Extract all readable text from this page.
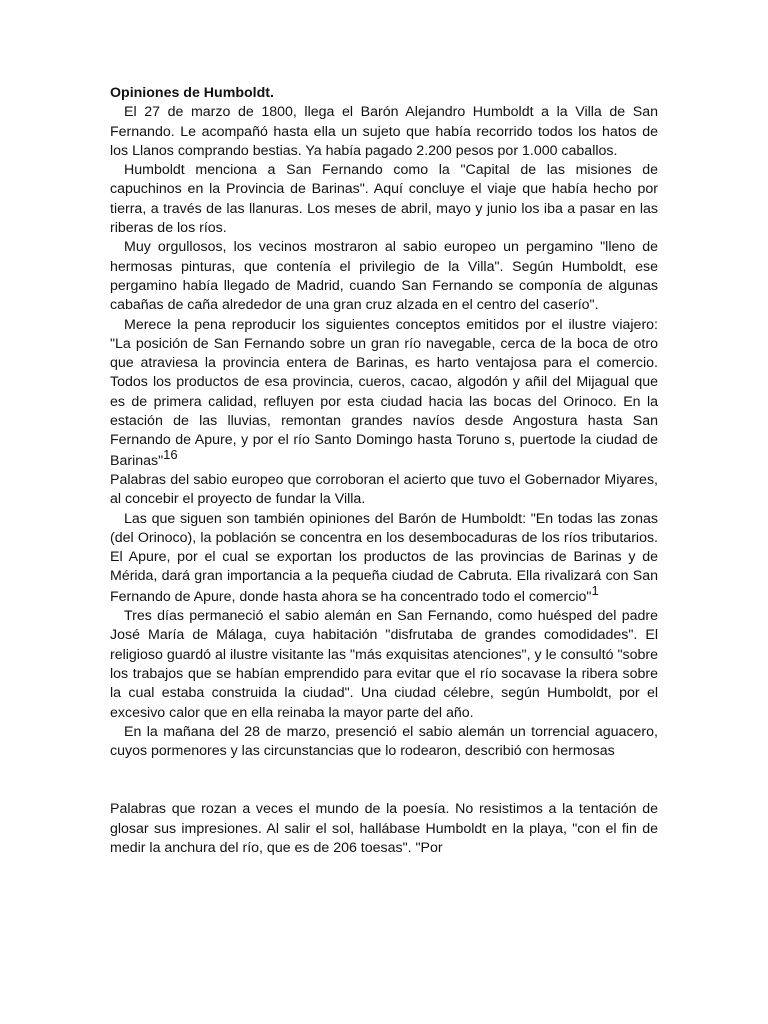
Opiniones de Humboldt.

El 27 de marzo de 1800, llega el Barón Alejandro Humboldt a la Villa de San Fernando. Le acompañó hasta ella un sujeto que había recorrido todos los hatos de los Llanos comprando bestias. Ya había pagado 2.200 pesos por 1.000 caballos.

Humboldt menciona a San Fernando como la "Capital de las misiones de capuchinos en la Provincia de Barinas". Aquí concluye el viaje que había hecho por tierra, a través de las llanuras. Los meses de abril, mayo y junio los iba a pasar en las riberas de los ríos.

Muy orgullosos, los vecinos mostraron al sabio europeo un pergamino "lleno de hermosas pinturas, que contenía el privilegio de la Villa". Según Humboldt, ese pergamino había llegado de Madrid, cuando San Fernando se componía de algunas cabañas de caña alrededor de una gran cruz alzada en el centro del caserío".

Merece la pena reproducir los siguientes conceptos emitidos por el ilustre viajero: "La posición de San Fernando sobre un gran río navegable, cerca de la boca de otro que atraviesa la provincia entera de Barinas, es harto ventajosa para el comercio. Todos los productos de esa provincia, cueros, cacao, algodón y añil del Mijagual que es de primera calidad, refluyen por esta ciudad hacia las bocas del Orinoco. En la estación de las lluvias, remontan grandes navíos desde Angostura hasta San Fernando de Apure, y por el río Santo Domingo hasta Toruno s, puertode la ciudad de Barinas"16

Palabras del sabio europeo que corroboran el acierto que tuvo el Gobernador Miyares, al concebir el proyecto de fundar la Villa.

Las que siguen son también opiniones del Barón de Humboldt: "En todas las zonas (del Orinoco), la población se concentra en los desembocaduras de los ríos tributarios. El Apure, por el cual se exportan los productos de las provincias de Barinas y de Mérida, dará gran importancia a la pequeña ciudad de Cabruta. Ella rivalizará con San Fernando de Apure, donde hasta ahora se ha concentrado todo el comercio"1

Tres días permaneció el sabio alemán en San Fernando, como huésped del padre José María de Málaga, cuya habitación "disfrutaba de grandes comodidades". El religioso guardó al ilustre visitante las "más exquisitas atenciones", y le consultó "sobre los trabajos que se habían emprendido para evitar que el río socavase la ribera sobre la cual estaba construida la ciudad". Una ciudad célebre, según Humboldt, por el excesivo calor que en ella reinaba la mayor parte del año.

En la mañana del 28 de marzo, presenció el sabio alemán un torrencial aguacero, cuyos pormenores y las circunstancias que lo rodearon, describió con hermosas

Palabras que rozan a veces el mundo de la poesía. No resistimos a la tentación de glosar sus impresiones. Al salir el sol, hallábase Humboldt en la playa, "con el fin de medir la anchura del río, que es de 206 toesas". "Por
